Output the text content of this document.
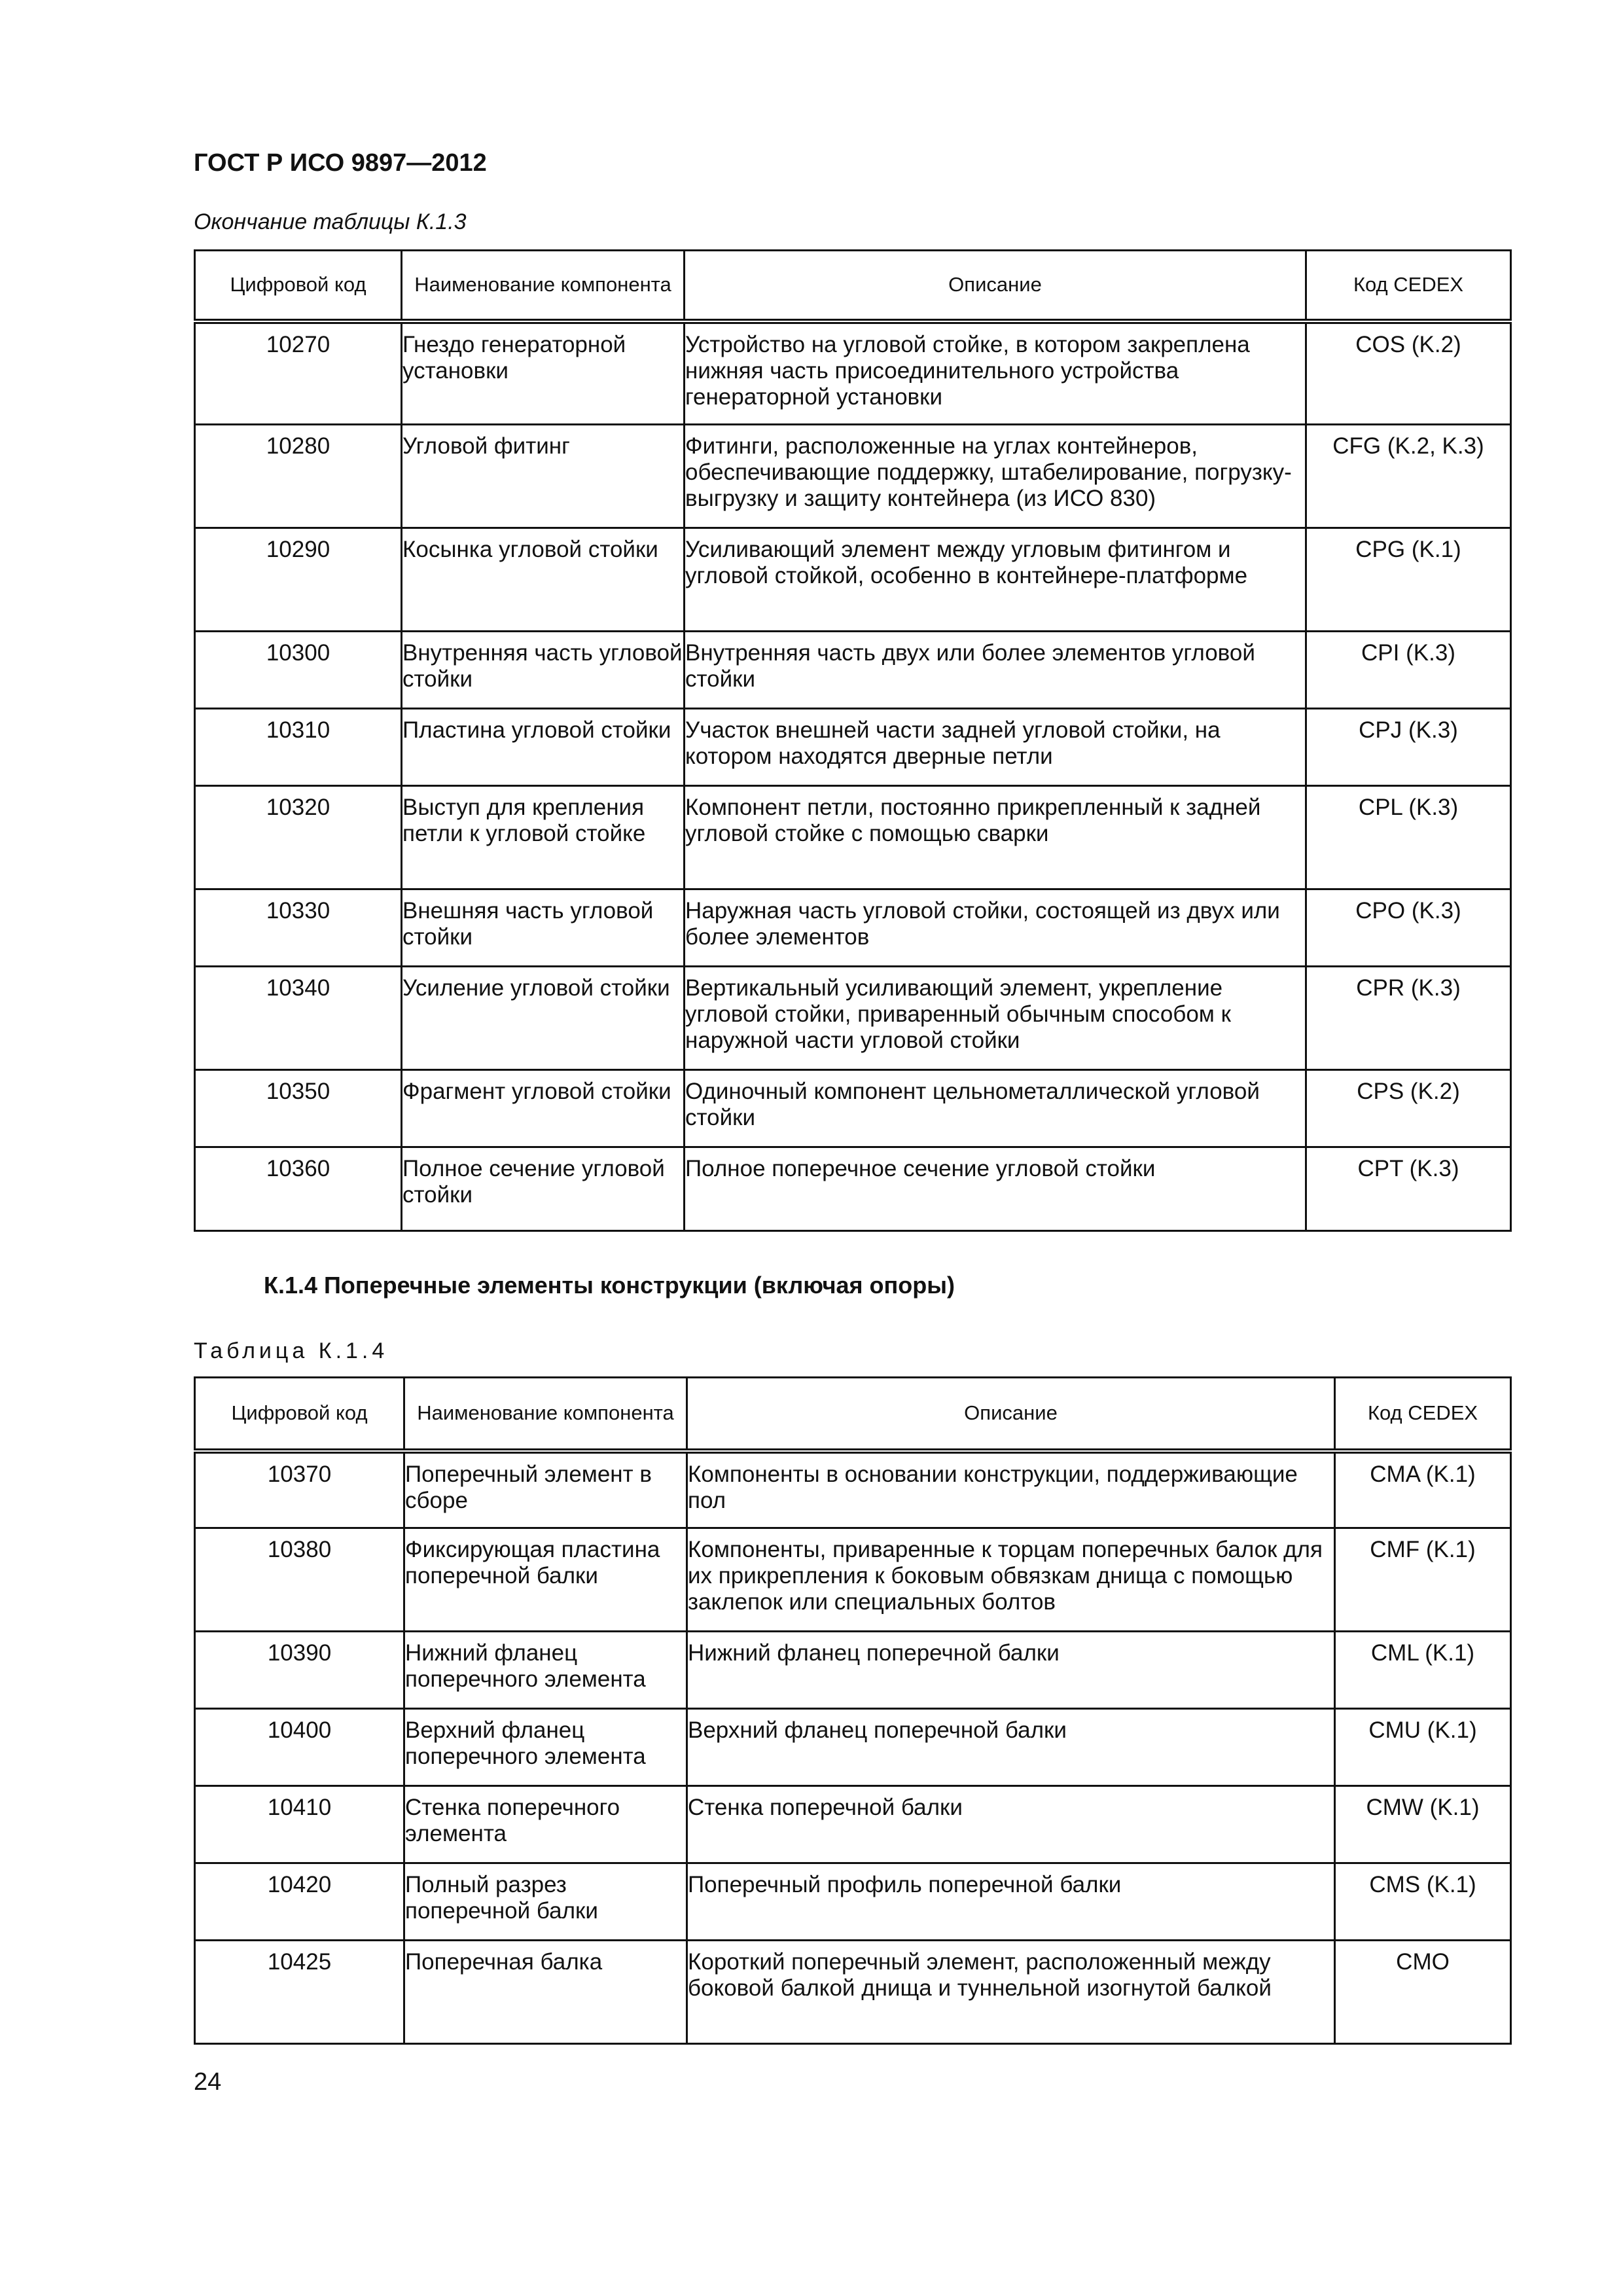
ГОСТ Р ИСО 9897—2012
Окончание таблицы К.1.3
Цифровой код	Наименование компонента	Описание	Код CEDEX
10270	Гнездо генераторной установки	Устройство на угловой стойке, в котором закреплена нижняя часть присоединительного устройства генераторной установки	COS (K.2)
10280	Угловой фитинг	Фитинги, расположенные на углах контейнеров, обеспечивающие поддержку, штабелирование, погрузку-выгрузку и защиту контейнера (из ИСО 830)	CFG (K.2, K.3)
10290	Косынка угловой стойки	Усиливающий элемент между угловым фитингом и угловой стойкой, особенно в контейнере-платформе	CPG (K.1)
10300	Внутренняя часть угловой стойки	Внутренняя часть двух или более элементов угловой стойки	CPI (K.3)
10310	Пластина угловой стойки	Участок внешней части задней угловой стойки, на котором находятся дверные петли	CPJ (K.3)
10320	Выступ для крепления петли к угловой стойке	Компонент петли, постоянно прикрепленный к задней угловой стойке с помощью сварки	CPL (K.3)
10330	Внешняя часть угловой стойки	Наружная часть угловой стойки, состоящей из двух или более элементов	CPO (K.3)
10340	Усиление угловой стойки	Вертикальный усиливающий элемент, укрепление угловой стойки, приваренный обычным способом к наружной части угловой стойки	CPR (K.3)
10350	Фрагмент угловой стойки	Одиночный компонент цельнометаллической угловой стойки	CPS (K.2)
10360	Полное сечение угловой стойки	Полное поперечное сечение угловой стойки	CPT (K.3)
К.1.4 Поперечные элементы конструкции (включая опоры)
Таблица К.1.4
Цифровой код	Наименование компонента	Описание	Код CEDEX
10370	Поперечный элемент в сборе	Компоненты в основании конструкции, поддерживающие пол	CMA (K.1)
10380	Фиксирующая пластина поперечной балки	Компоненты, приваренные к торцам поперечных балок для их прикрепления к боковым обвязкам днища с помощью заклепок или специальных болтов	CMF (K.1)
10390	Нижний фланец поперечного элемента	Нижний фланец поперечной балки	CML (K.1)
10400	Верхний фланец поперечного элемента	Верхний фланец поперечной балки	CMU (K.1)
10410	Стенка поперечного элемента	Стенка поперечной балки	CMW (K.1)
10420	Полный разрез поперечной балки	Поперечный профиль поперечной балки	CMS (K.1)
10425	Поперечная балка	Короткий поперечный элемент, расположенный между боковой балкой днища и туннельной изогнутой балкой	CMO
24
